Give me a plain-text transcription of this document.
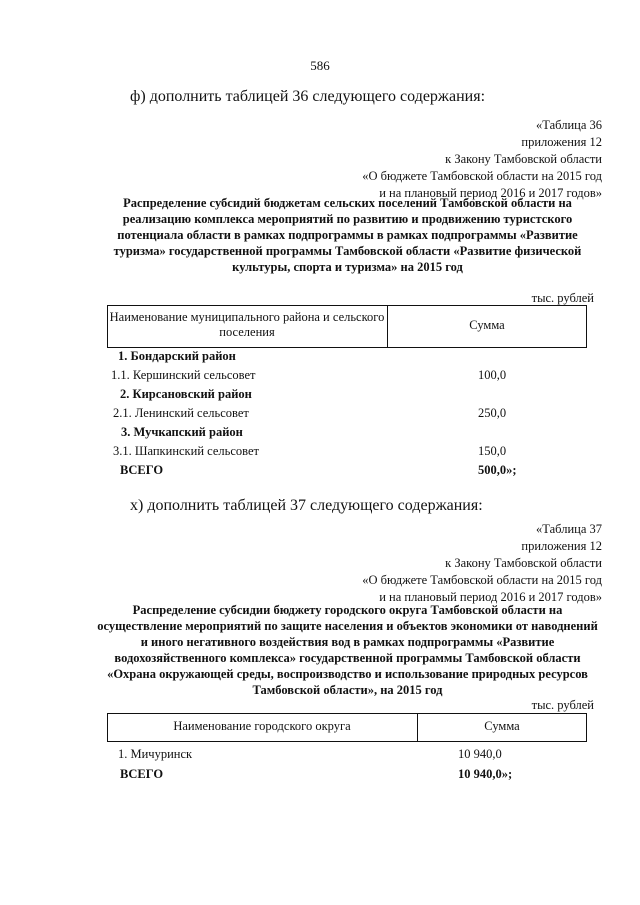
586
ф) дополнить таблицей 36 следующего содержания:
«Таблица 36
приложения 12
к Закону Тамбовской области
«О бюджете Тамбовской области на 2015 год
и на плановый период 2016 и 2017 годов»
Распределение субсидий бюджетам сельских поселений Тамбовской области на реализацию комплекса мероприятий по развитию и продвижению туристского потенциала области в рамках подпрограммы в рамках подпрограммы «Развитие туризма» государственной программы Тамбовской области «Развитие физической культуры, спорта и туризма» на 2015 год
тыс. рублей
Наименование муниципального района и сельского поселения	Сумма
1. Бондарский район
1.1. Кершинский сельсовет	100,0
2. Кирсановский район
2.1. Ленинский сельсовет	250,0
3. Мучкапский район
3.1. Шапкинский сельсовет	150,0
ВСЕГО	500,0»;
х) дополнить таблицей 37 следующего содержания:
«Таблица 37
приложения 12
к Закону Тамбовской области
«О бюджете Тамбовской области на 2015 год
и на плановый период 2016 и 2017 годов»
Распределение субсидии бюджету городского округа Тамбовской области на осуществление мероприятий по защите населения и объектов экономики от наводнений и иного негативного воздействия вод в рамках подпрограммы «Развитие водохозяйственного комплекса» государственной программы Тамбовской области «Охрана окружающей среды, воспроизводство и использование природных ресурсов Тамбовской области», на 2015 год
тыс. рублей
Наименование городского округа	Сумма
1. Мичуринск	10 940,0
ВСЕГО	10 940,0»;
